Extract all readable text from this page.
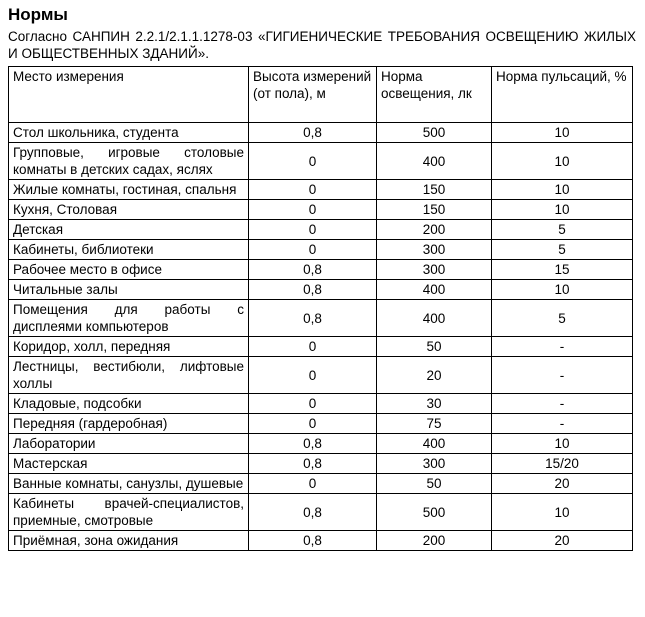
Нормы

Согласно САНПИН 2.2.1/2.1.1.1278-03 «ГИГИЕНИЧЕСКИЕ ТРЕБОВАНИЯ ОСВЕЩЕНИЮ ЖИЛЫХ И ОБЩЕСТВЕННЫХ ЗДАНИЙ».

Место измерения	Высота измерений (от пола), м	Норма освещения, лк	Норма пульсаций, %
Стол школьника, студента	0,8	500	10
Групповые, игровые столовые комнаты в детских садах, яслях	0	400	10
Жилые комнаты, гостиная, спальня	0	150	10
Кухня, Столовая	0	150	10
Детская	0	200	5
Кабинеты, библиотеки	0	300	5
Рабочее место в офисе	0,8	300	15
Читальные залы	0,8	400	10
Помещения для работы с дисплеями компьютеров	0,8	400	5
Коридор, холл, передняя	0	50	-
Лестницы, вестибюли, лифтовые холлы	0	20	-
Кладовые, подсобки	0	30	-
Передняя (гардеробная)	0	75	-
Лаборатории	0,8	400	10
Мастерская	0,8	300	15/20
Ванные комнаты, санузлы, душевые	0	50	20
Кабинеты врачей-специалистов, приемные, смотровые	0,8	500	10
Приёмная, зона ожидания	0,8	200	20
